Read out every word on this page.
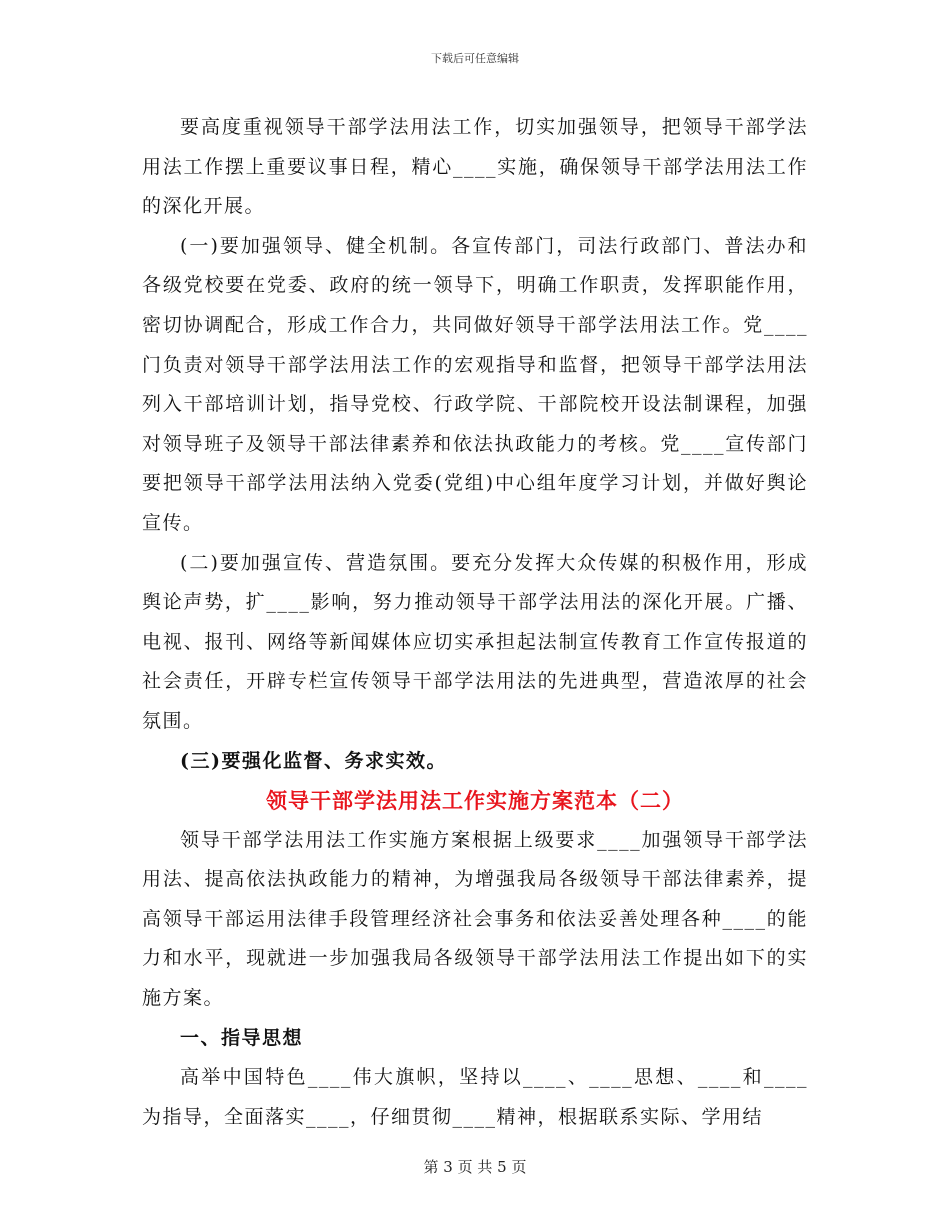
下载后可任意编辑

要高度重视领导干部学法用法工作，切实加强领导，把领导干部学法用法工作摆上重要议事日程，精心____实施，确保领导干部学法用法工作的深化开展。

(一)要加强领导、健全机制。各宣传部门，司法行政部门、普法办和各级党校要在党委、政府的统一领导下，明确工作职责，发挥职能作用，密切协调配合，形成工作合力，共同做好领导干部学法用法工作。党____门负责对领导干部学法用法工作的宏观指导和监督，把领导干部学法用法列入干部培训计划，指导党校、行政学院、干部院校开设法制课程，加强对领导班子及领导干部法律素养和依法执政能力的考核。党____宣传部门要把领导干部学法用法纳入党委(党组)中心组年度学习计划，并做好舆论宣传。

(二)要加强宣传、营造氛围。要充分发挥大众传媒的积极作用，形成舆论声势，扩____影响，努力推动领导干部学法用法的深化开展。广播、电视、报刊、网络等新闻媒体应切实承担起法制宣传教育工作宣传报道的社会责任，开辟专栏宣传领导干部学法用法的先进典型，营造浓厚的社会氛围。

(三)要强化监督、务求实效。

领导干部学法用法工作实施方案范本（二）

领导干部学法用法工作实施方案根据上级要求____加强领导干部学法用法、提高依法执政能力的精神，为增强我局各级领导干部法律素养，提高领导干部运用法律手段管理经济社会事务和依法妥善处理各种____的能力和水平，现就进一步加强我局各级领导干部学法用法工作提出如下的实施方案。

一、指导思想

高举中国特色____伟大旗帜，坚持以____、____思想、____和____为指导，全面落实____，仔细贯彻____精神，根据联系实际、学用结

第 3 页 共 5 页
